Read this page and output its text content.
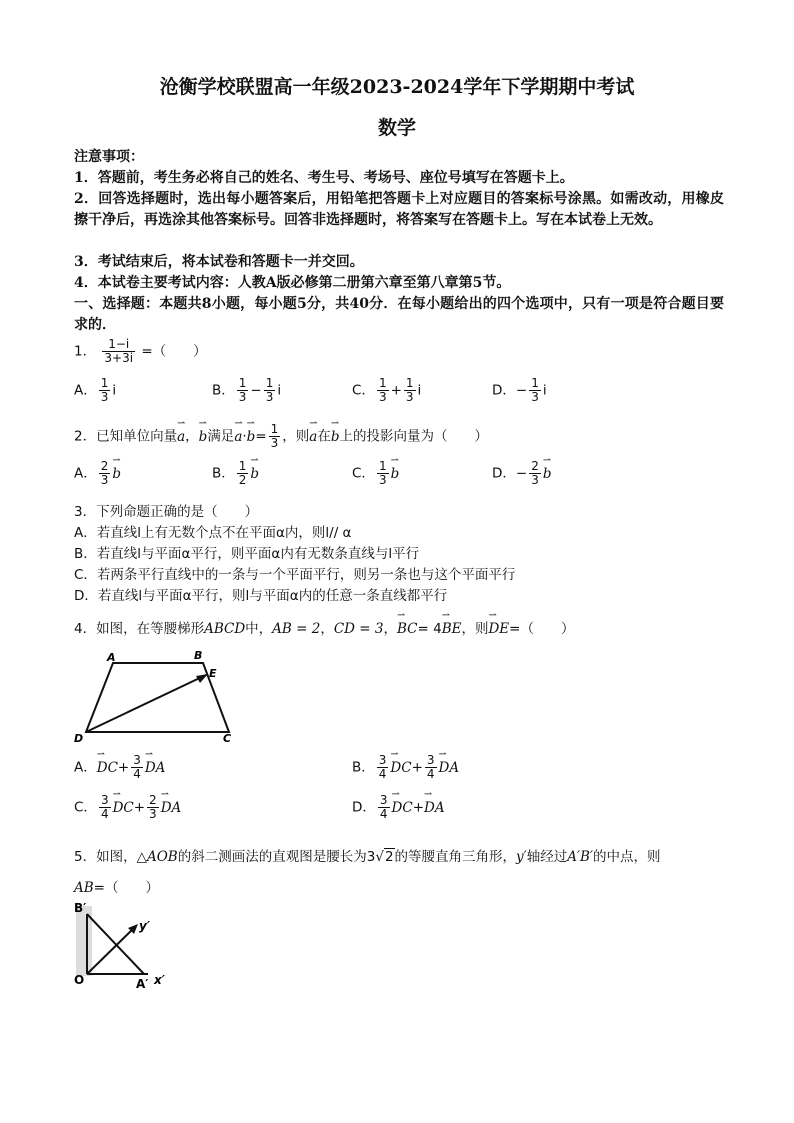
沧衡学校联盟高一年级2023-2024学年下学期期中考试
数学
注意事项：
1．答题前，考生务必将自己的姓名、考生号、考场号、座位号填写在答题卡上。
2．回答选择题时，选出每小题答案后，用铅笔把答题卡上对应题目的答案标号涂黑。如需改动，用橡皮擦干净后，再选涂其他答案标号。回答非选择题时，将答案写在答题卡上。写在本试卷上无效。
3．考试结束后，将本试卷和答题卡一并交回。
4．本试卷主要考试内容：人教A版必修第二册第六章至第八章第5节。
一、选择题：本题共8小题，每小题5分，共40分．在每小题给出的四个选项中，只有一项是符合题目要求的．
1． $\frac{1-i}{3+3i}$ =（　　）
A． $\frac{1}{3}$ i	B． $\frac{1}{3} - \frac{1}{3}$ i	C． $\frac{1}{3} + \frac{1}{3}$ i	D．− $\frac{1}{3}$ i
2．已知单位向量⇀ a，⇀ b满足⇀ a·⇀ $b= \frac{1}{3}$ ，则⇀ a在⇀ b上的投影向量为（　　）
A． $\frac{2}{3}$ ⇀ b	B． $\frac{1}{2}$ ⇀ b	C． $\frac{1}{3}$ ⇀ b	D．− $\frac{2}{3}$ ⇀ b
3．下列命题正确的是（　　）
A．若直线l上有无数个点不在平面α内，则l// α
B．若直线l与平面α平行，则平面α内有无数条直线与l平行
C．若两条平行直线中的一条与一个平面平行，则另一条也与这个平面平行
D．若直线l与平面α平行，则l与平面α内的任意一条直线都平行
4．如图，在等腰梯形ABCD中，AB = 2，CD = 3，⇀ BC= 4⇀ BE，则⇀ DE=（　　）
A	B
E
D	C
A．⇀ $DC+ \frac{3}{4}$ ⇀ DA	B． $\frac{3}{4}$ ⇀ $DC+ \frac{3}{4}$ ⇀ DA
C． $\frac{3}{4}$ ⇀ $DC+ \frac{2}{3}$ ⇀ DA	D． $\frac{3}{4}$ ⇀ DC+⇀ DA
5．如图，△AOB的斜二测画法的直观图是腰长为3√2的等腰直角三角形，y′轴经过A′B′的中点，则
AB=（　　）
B′
y′
O	A′ x′
